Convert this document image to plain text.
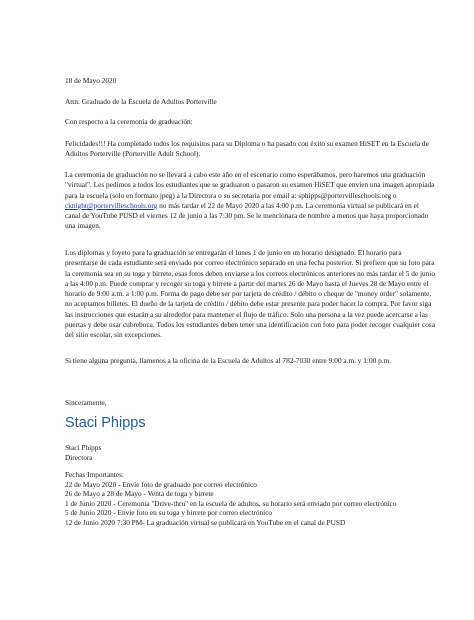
18 de Mayo 2020

Attn: Graduado de la Escuela de Adultos Porterville

Con respecto a la ceremonia de graduación:

Felicidades!!! Ha completado todos los requisitos para su Diploma o ha pasado con éxito su examen HiSET en la Escuela de Adultos Porterville (Porterville Adult School).

La ceremonia de graduación no se llevará a cabo este año en el escenario como esperábamos, pero haremos una graduación "virtual". Les pedimos a todos los estudiantes que se graduaron o pasaron su examen HiSET que envíen una imagen apropiada para la escuela (solo en formato jpeg) a la Directora o su secretaria por email a: sphipps@portervilleschools.org o cknight@portervilleschools.org no más tardar el 22 de Mayo 2020 a las 4:00 p.m. La ceremonia virtual se publicará en el canal de YouTube PUSD el viernes 12 de junio a las 7:30 pm. Se le mencionara de nombre a menos que haya proporcionado una imagen.

Los diplomas y foyeto para la graduación se entregarán el lunes 1 de junio en un horario designado. El horario para presentarse de cada estudiante será enviado por correo electrónico separado en una fecha posterior. Si prefiere que su foto para la ceremonia sea en su toga y birrete, esas fotos deben enviarse a los correos electrónicos anteriores no más tardar el 5 de junio a las 4:00 p.m. Puede comprar y recoger su toga y birrete a partir del martes 26 de Mayo hasta el Jueves 28 de Mayo entre el horario de 9:00 a.m. a 1:00 p.m. Forma de pago debe ser por tarjeta de crédito / débito o cheque de "money order" solamente, no aceptamos billetes. El dueño de la tarjeta de crédito / débito debe estar presente para poder hacer la compra. Por favor siga las instrucciones que estarán a su alrededor para mantener el flujo de tráfico. Solo una persona a la vez puede acercarse a las puertas y debe usar cubreboca. Todos los estudiantes deben tener una identificación con foto para poder recoger cualquier cosa del sitio escolar, sin excepciones.

Si tiene alguna pregunta, llamenos a la oficina de la Escuela de Adultos al 782-7030 entre 9:00 a.m. y 1:00 p.m.

Sinceramente,

Staci Phipps

Staci Phipps

Directora

Fechas Importantes:
22 de Mayo 2020 - Envíe foto de graduado por correo electrónico
26 de Mayo a 28 de Mayo - Venta de toga y birrete
1 de Junio 2020 - Ceremonia "Drive-thru" en la escuela de adultos, su horario será enviado por correo electrónico
5 de Junio 2020 - Envíe foto en su toga y birrete por correo electrónico
12 de Junio 2020 7:30 PM- La graduación virtual se publicará en YouTube en el canal de PUSD
